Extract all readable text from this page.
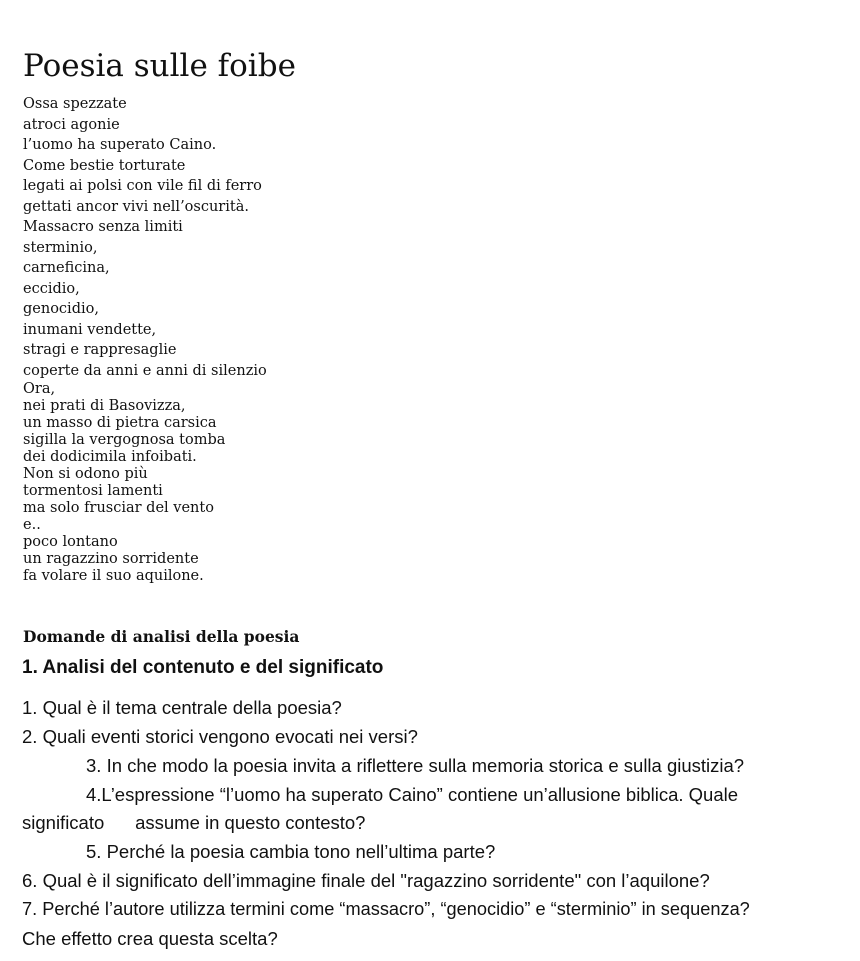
Poesia sulle foibe
Ossa spezzate
atroci agonie
l’uomo ha superato Caino.
Come bestie torturate
legati ai polsi con vile fil di ferro
gettati ancor vivi nell’oscurità.
Massacro senza limiti
sterminio,
carneficina,
eccidio,
genocidio,
inumani vendette,
stragi e rappresaglie
coperte da anni e anni di silenzio
Ora,
nei prati di Basovizza,
un masso di pietra carsica
sigilla la vergognosa tomba
dei dodicimila infoibati.
Non si odono più
tormentosi lamenti
ma solo frusciar del vento
e..
poco lontano
un ragazzino sorridente
fa volare il suo aquilone.
Domande di analisi della poesia
1. Analisi del contenuto e del significato

1. Qual è il tema centrale della poesia?

2. Quali eventi storici vengono evocati nei versi?

3. In che modo la poesia invita a riflettere sulla memoria storica e sulla giustizia?

4.L’espressione “l’uomo ha superato Caino” contiene un’allusione biblica. Quale

significato      assume in questo contesto?

5. Perché la poesia cambia tono nell’ultima parte?

6. Qual è il significato dell’immagine finale del "ragazzino sorridente" con l’aquilone?

7. Perché l’autore utilizza termini come “massacro”, “genocidio” e “sterminio” in sequenza?

Che effetto crea questa scelta?
